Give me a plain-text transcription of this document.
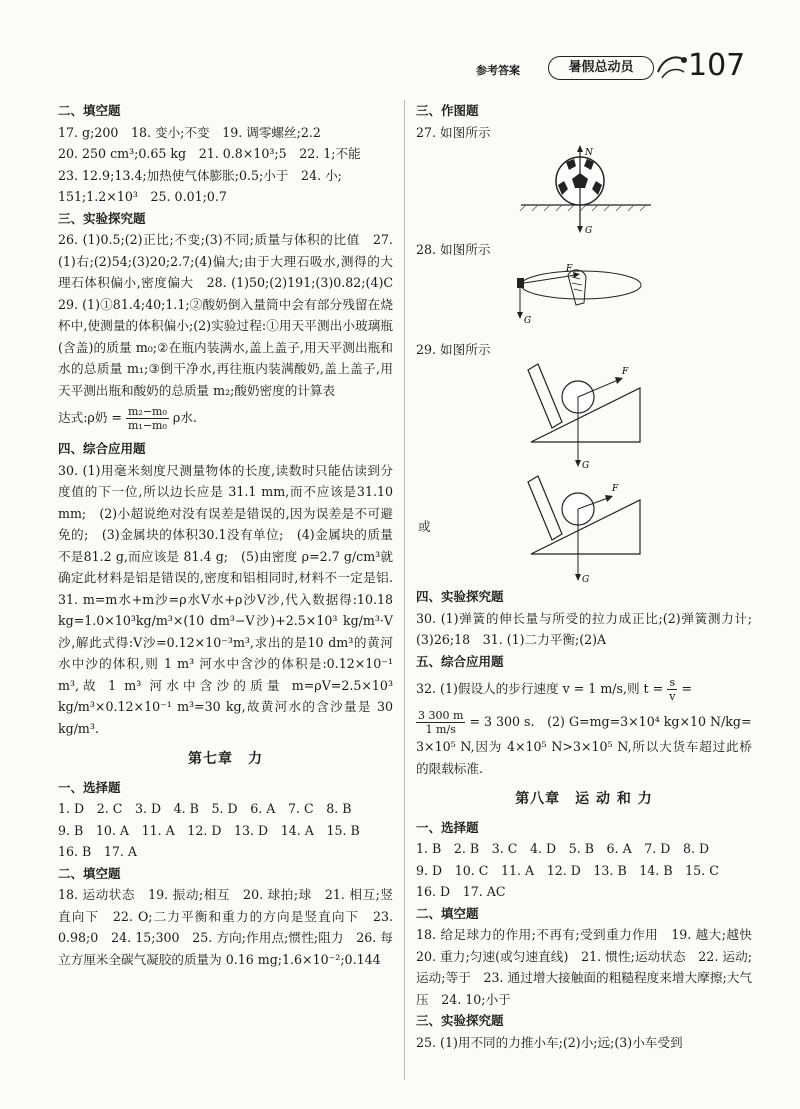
参考答案	暑假总动员	107
二、填空题
17. g;200　18. 变小;不变　19. 调零螺丝;2.2
20. 250 cm³;0.65 kg　21. 0.8×10³;5　22. 1;不能
23. 12.9;13.4;加热使气体膨胀;0.5;小于　24. 小;
151;1.2×10³　25. 0.01;0.7
三、实验探究题
26. (1)0.5;(2)正比;不变;(3)不同;质量与体积的比值　27. (1)右;(2)54;(3)20;2.7;(4)偏大;由于大理石吸水,测得的大理石体积偏小,密度偏大　28. (1)50;(2)191;(3)0.82;(4)C　29. (1)①81.4;40;1.1;②酸奶倒入量筒中会有部分残留在烧杯中,使测量的体积偏小;(2)实验过程:①用天平测出小玻璃瓶(含盖)的质量 m₀;②在瓶内装满水,盖上盖子,用天平测出瓶和水的总质量 m₁;③倒干净水,再往瓶内装满酸奶,盖上盖子,用天平测出瓶和酸奶的总质量 m₂;酸奶密度的计算表
达式:ρ奶 = $\frac{\text{m₂−m₀}}{\text{m₁−m₀}}$ ρ水.
四、综合应用题
30. (1)用毫米刻度尺测量物体的长度,读数时只能估读到分度值的下一位,所以边长应是 31.1 mm,而不应该是31.10 mm;　(2)小超说绝对没有误差是错误的,因为误差是不可避免的;　(3)金属块的体积30.1没有单位;　(4)金属块的质量不是81.2 g,而应该是 81.4 g;　(5)由密度 ρ=2.7 g/cm³就确定此材料是铝是错误的,密度和铝相同时,材料不一定是铝.　31. m=m水+m沙=ρ水V水+ρ沙V沙,代入数据得:10.18 kg=1.0×10³kg/m³×(10 dm³−V沙)+2.5×10³ kg/m³·V沙,解此式得:V沙=0.12×10⁻³m³,求出的是10 dm³的黄河水中沙的体积,则 1 m³ 河水中含沙的体积是:0.12×10⁻¹ m³,故 1 m³ 河水中含沙的质量 m=ρV=2.5×10³ kg/m³×0.12×10⁻¹ m³=30 kg,故黄河水的含沙量是 30 kg/m³.
第七章　力
一、选择题
1. D　2. C　3. D　4. B　5. D　6. A　7. C　8. B
9. B　10. A　11. A　12. D　13. D　14. A　15. B
16. B　17. A
二、填空题
18. 运动状态　19. 振动;相互　20. 球拍;球　21. 相互;竖直向下　22. O;二力平衡和重力的方向是竖直向下　23. 0.98;0　24. 15;300　25. 方向;作用点;惯性;阻力　26. 每立方厘米全碳气凝胶的质量为 0.16 mg;1.6×10⁻²;0.144
三、作图题
27. 如图所示
N
G
28. 如图所示
F
G
29. 如图所示
F
G
或
F
G
四、实验探究题
30. (1)弹簧的伸长量与所受的拉力成正比;(2)弹簧测力计;(3)26;18　31. (1)二力平衡;(2)A
五、综合应用题
32. (1)假设人的步行速度 v = 1 m/s,则 $t = \frac{s}{v}$ =
$\frac{3 300 m}{1 m/s} = 3$ 300 s.　(2) G=mg=3×10⁴ kg×10 N/kg=
3×10⁵ N,因为 4×10⁵ N>3×10⁵ N,所以大货车超过此桥的限载标准.
第八章　运 动 和 力
一、选择题
1. B　2. B　3. C　4. D　5. B　6. A　7. D　8. D
9. D　10. C　11. A　12. D　13. B　14. B　15. C
16. D　17. AC
二、填空题
18. 给足球力的作用;不再有;受到重力作用　19. 越大;越快　20. 重力;匀速(或匀速直线)　21. 惯性;运动状态　22. 运动;运动;等于　23. 通过增大接触面的粗糙程度来增大摩擦;大气压　24. 10;小于
三、实验探究题
25. (1)用不同的力推小车;(2)小;远;(3)小车受到
